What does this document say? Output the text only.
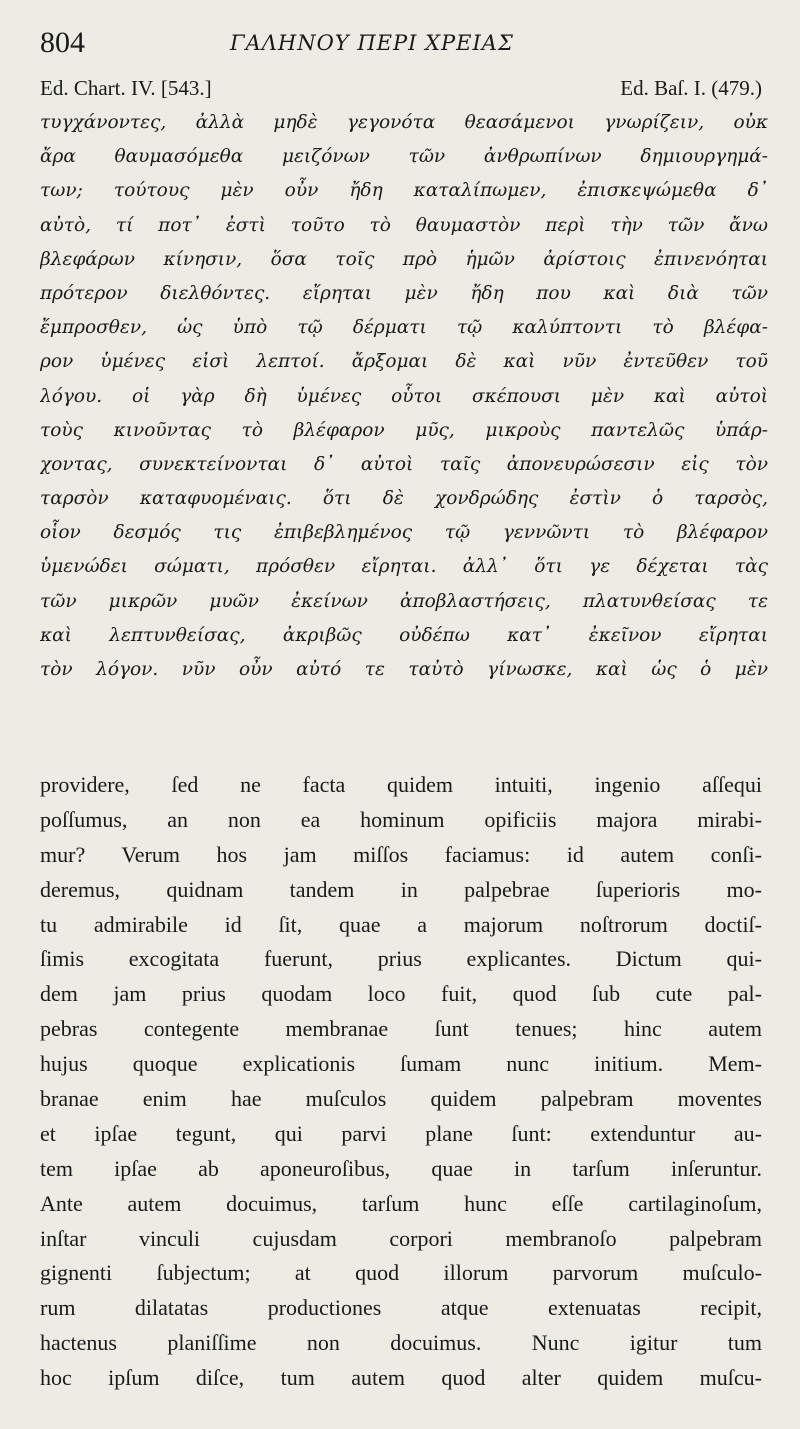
804	ΓΑΛΗΝΟΥ ΠΕΡΙ ΧΡΕΙΑΣ
Ed. Chart. IV. [543.]	Ed. Baſ. I. (479.)
τυγχάνοντες, ἀλλὰ μηδὲ γεγονότα θεασάμενοι γνωρίζειν, οὐκ
ἄρα θαυμασόμεθα μειζόνων τῶν ἀνθρωπίνων δημιουργημά-
των; τούτους μὲν οὖν ἤδη καταλίπωμεν, ἐπισκεψώμεθα δ᾽
αὐτὸ, τί ποτ᾽ ἐστὶ τοῦτο τὸ θαυμαστὸν περὶ τὴν τῶν ἄνω
βλεφάρων κίνησιν, ὅσα τοῖς πρὸ ἡμῶν ἀρίστοις ἐπινενόηται
πρότερον διελθόντες. εἴρηται μὲν ἤδη που καὶ διὰ τῶν
ἔμπροσθεν, ὡς ὑπὸ τῷ δέρματι τῷ καλύπτοντι τὸ βλέφα-
ρον ὑμένες εἰσὶ λεπτοί. ἄρξομαι δὲ καὶ νῦν ἐντεῦθεν τοῦ
λόγου. οἱ γὰρ δὴ ὑμένες οὗτοι σκέπουσι μὲν καὶ αὐτοὶ
τοὺς κινοῦντας τὸ βλέφαρον μῦς, μικροὺς παντελῶς ὑπάρ-
χοντας, συνεκτείνονται δ᾽ αὐτοὶ ταῖς ἀπονευρώσεσιν εἰς τὸν
ταρσὸν καταφυομέναις. ὅτι δὲ χονδρώδης ἐστὶν ὁ ταρσὸς,
οἷον δεσμός τις ἐπιβεβλημένος τῷ γεννῶντι τὸ βλέφαρον
ὑμενώδει σώματι, πρόσθεν εἴρηται. ἀλλ᾽ ὅτι γε δέχεται τὰς
τῶν μικρῶν μυῶν ἐκείνων ἀποβλαστήσεις, πλατυνθείσας τε
καὶ λεπτυνθείσας, ἀκριβῶς οὐδέπω κατ᾽ ἐκεῖνον εἴρηται
τὸν λόγον. νῦν οὖν αὐτό τε ταὐτὸ γίνωσκε, καὶ ὡς ὁ μὲν
providere, ſed ne facta quidem intuiti, ingenio aſſequi
poſſumus, an non ea hominum opificiis majora mirabi-
mur? Verum hos jam miſſos faciamus: id autem conſi-
deremus, quidnam tandem in palpebrae ſuperioris mo-
tu admirabile id ſit, quae a majorum noſtrorum doctiſ-
ſimis excogitata fuerunt, prius explicantes. Dictum qui-
dem jam prius quodam loco fuit, quod ſub cute pal-
pebras contegente membranae ſunt tenues; hinc autem
hujus quoque explicationis ſumam nunc initium. Mem-
branae enim hae muſculos quidem palpebram moventes
et ipſae tegunt, qui parvi plane ſunt: extenduntur au-
tem ipſae ab aponeuroſibus, quae in tarſum inſeruntur.
Ante autem docuimus, tarſum hunc eſſe cartilaginoſum,
inſtar vinculi cujusdam corpori membranoſo palpebram
gignenti ſubjectum; at quod illorum parvorum muſculo-
rum dilatatas productiones atque extenuatas recipit,
hactenus planiſſime non docuimus. Nunc igitur tum
hoc ipſum diſce, tum autem quod alter quidem muſcu-
